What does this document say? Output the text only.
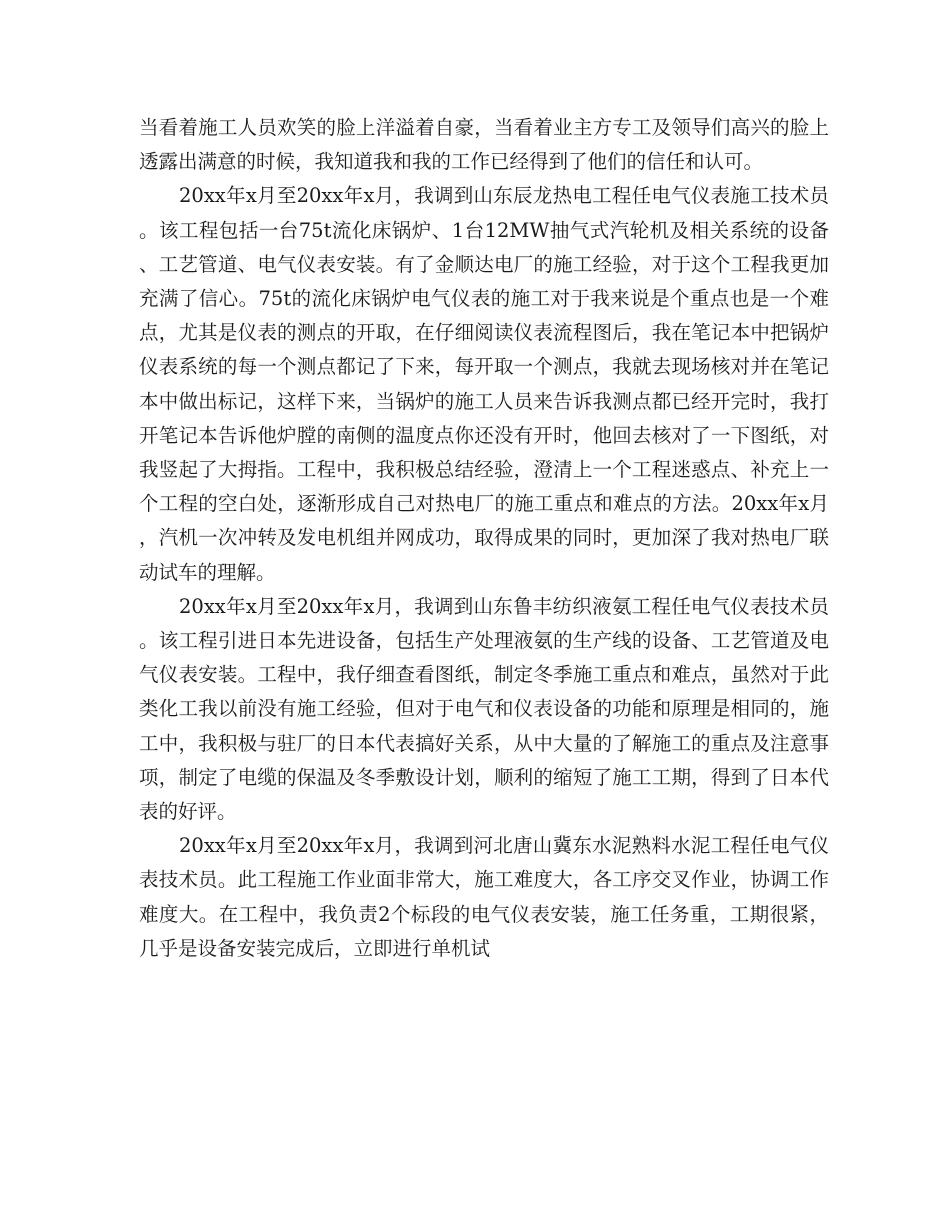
当看着施工人员欢笑的脸上洋溢着自豪，当看着业主方专工及领导们高兴的脸上透露出满意的时候，我知道我和我的工作已经得到了他们的信任和认可。

20xx年x月至20xx年x月，我调到山东辰龙热电工程任电气仪表施工技术员。该工程包括一台75t流化床锅炉、1台12MW抽气式汽轮机及相关系统的设备、工艺管道、电气仪表安装。有了金顺达电厂的施工经验，对于这个工程我更加充满了信心。75t的流化床锅炉电气仪表的施工对于我来说是个重点也是一个难点，尤其是仪表的测点的开取，在仔细阅读仪表流程图后，我在笔记本中把锅炉仪表系统的每一个测点都记了下来，每开取一个测点，我就去现场核对并在笔记本中做出标记，这样下来，当锅炉的施工人员来告诉我测点都已经开完时，我打开笔记本告诉他炉膛的南侧的温度点你还没有开时，他回去核对了一下图纸，对我竖起了大拇指。工程中，我积极总结经验，澄清上一个工程迷惑点、补充上一个工程的空白处，逐渐形成自己对热电厂的施工重点和难点的方法。20xx年x月，汽机一次冲转及发电机组并网成功，取得成果的同时，更加深了我对热电厂联动试车的理解。

20xx年x月至20xx年x月，我调到山东鲁丰纺织液氨工程任电气仪表技术员。该工程引进日本先进设备，包括生产处理液氨的生产线的设备、工艺管道及电气仪表安装。工程中，我仔细查看图纸，制定冬季施工重点和难点，虽然对于此类化工我以前没有施工经验，但对于电气和仪表设备的功能和原理是相同的，施工中，我积极与驻厂的日本代表搞好关系，从中大量的了解施工的重点及注意事项，制定了电缆的保温及冬季敷设计划，顺利的缩短了施工工期，得到了日本代表的好评。

20xx年x月至20xx年x月，我调到河北唐山冀东水泥熟料水泥工程任电气仪表技术员。此工程施工作业面非常大，施工难度大，各工序交叉作业，协调工作难度大。在工程中，我负责2个标段的电气仪表安装，施工任务重，工期很紧，几乎是设备安装完成后，立即进行单机试
